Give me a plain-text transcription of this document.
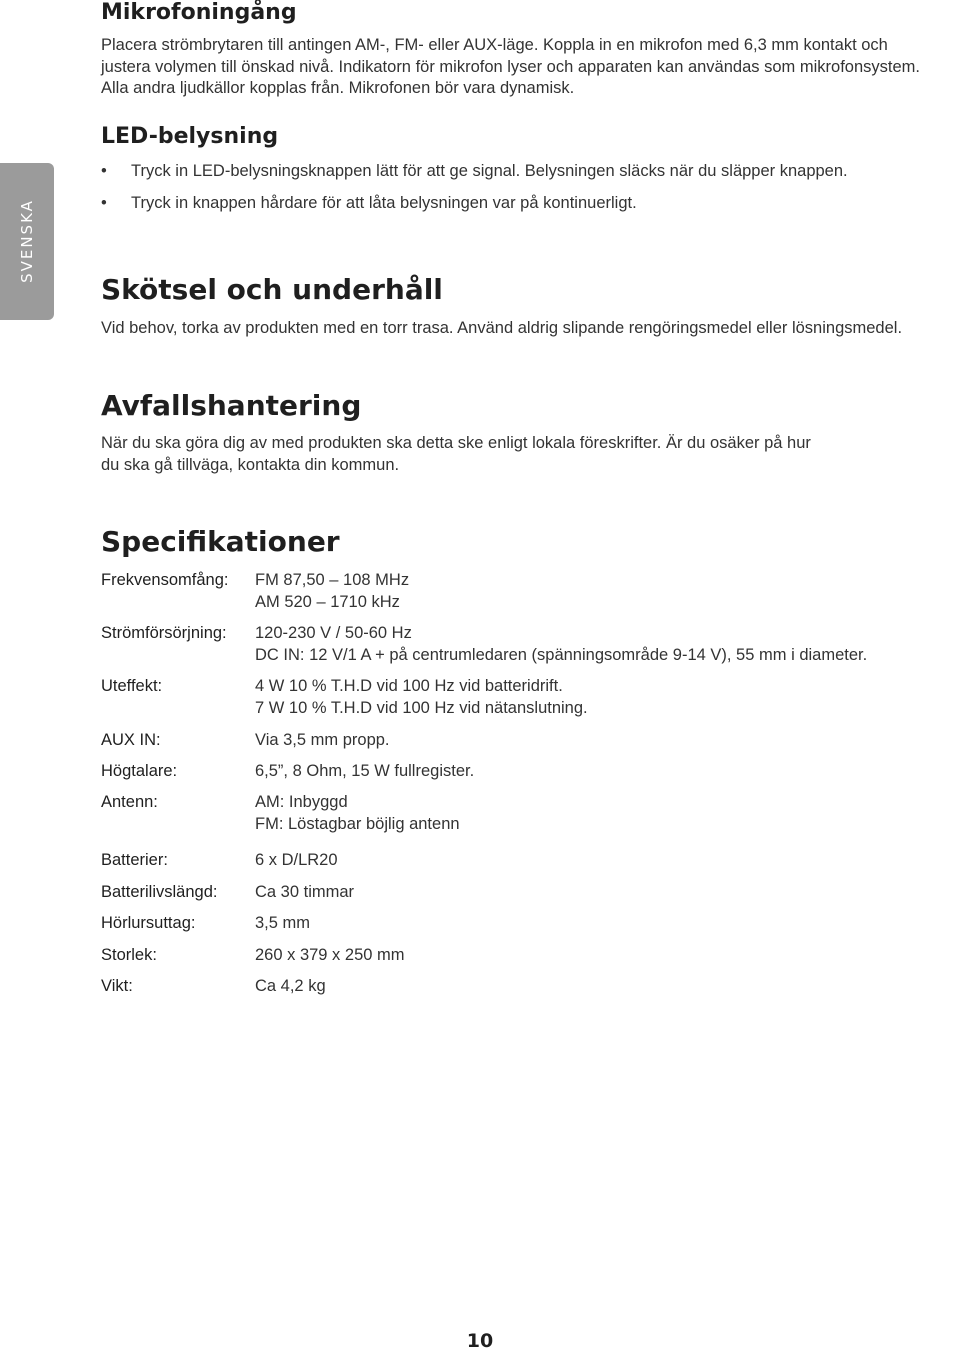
SVENSKA
Mikrofoningång

Placera strömbrytaren till antingen AM-, FM- eller AUX-läge. Koppla in en mikrofon med 6,3 mm kontakt och

justera volymen till önskad nivå. Indikatorn för mikrofon lyser och apparaten kan användas som mikrofonsystem.

Alla andra ljudkällor kopplas från. Mikrofonen bör vara dynamisk.

LED-belysning
• Tryck in LED-belysningsknappen lätt för att ge signal. Belysningen släcks när du släpper knappen.
• Tryck in knappen hårdare för att låta belysningen var på kontinuerligt.
Skötsel och underhåll

Vid behov, torka av produkten med en torr trasa. Använd aldrig slipande rengöringsmedel eller lösningsmedel.

Avfallshantering

När du ska göra dig av med produkten ska detta ske enligt lokala föreskrifter. Är du osäker på hur

du ska gå tillväga, kontakta din kommun.

Specifikationer
Frekvensomfång: FM 87,50 – 108 MHz
AM 520 – 1710 kHz
Strömförsörjning: 120-230 V / 50-60 Hz
DC IN: 12 V/1 A + på centrumledaren (spänningsområde 9-14 V), 55 mm i diameter.
Uteffekt:	4 W 10 % T.H.D vid 100 Hz vid batteridrift.
7 W 10 % T.H.D vid 100 Hz vid nätanslutning.
AUX IN:	Via 3,5 mm propp.
Högtalare:	6,5”, 8 Ohm, 15 W fullregister.
Antenn:	AM: Inbyggd
FM: Löstagbar böjlig antenn
Batterier:	6 x D/LR20
Batterilivslängd: Ca 30 timmar
Hörlursuttag:	3,5 mm
Storlek:	260 x 379 x 250 mm
Vikt:	Ca 4,2 kg
10
